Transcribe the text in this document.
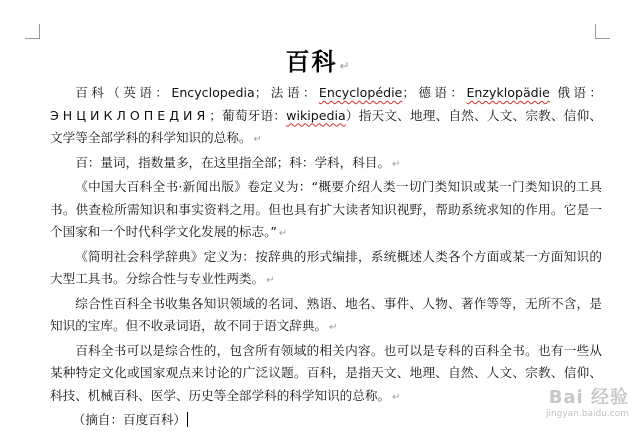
百科 ↵

百科（英语：Encyclopedia；法语：Encyclopédie；德语：Enzyklopädie 俄语：ЭНЦИКЛОПЕДИЯ；葡萄牙语：wikipedia）指天文、地理、自然、人文、宗教、信仰、文学等全部学科的科学知识的总称。 ↵

百：量词，指数量多，在这里指全部；科：学科，科目。 ↵

《中国大百科全书·新闻出版》卷定义为：“概要介绍人类一切门类知识或某一门类知识的工具书。供查检所需知识和事实资料之用。但也具有扩大读者知识视野，帮助系统求知的作用。它是一个国家和一个时代科学文化发展的标志。” ↵

《简明社会科学辞典》定义为：按辞典的形式编排，系统概述人类各个方面或某一方面知识的大型工具书。分综合性与专业性两类。 ↵

综合性百科全书收集各知识领域的名词、熟语、地名、事件、人物、著作等等，无所不含，是知识的宝库。但不收录词语，故不同于语文辞典。 ↵

百科全书可以是综合性的，包含所有领域的相关内容。也可以是专科的百科全书。也有一些从某种特定文化或国家观点来讨论的广泛议题。百科，是指天文、地理、自然、人文、宗教、信仰、科技、机械百科、医学、历史等全部学科的科学知识的总称。 ↵

（摘自：百度百科）

Bai 经验
jingyan.baidu.com
